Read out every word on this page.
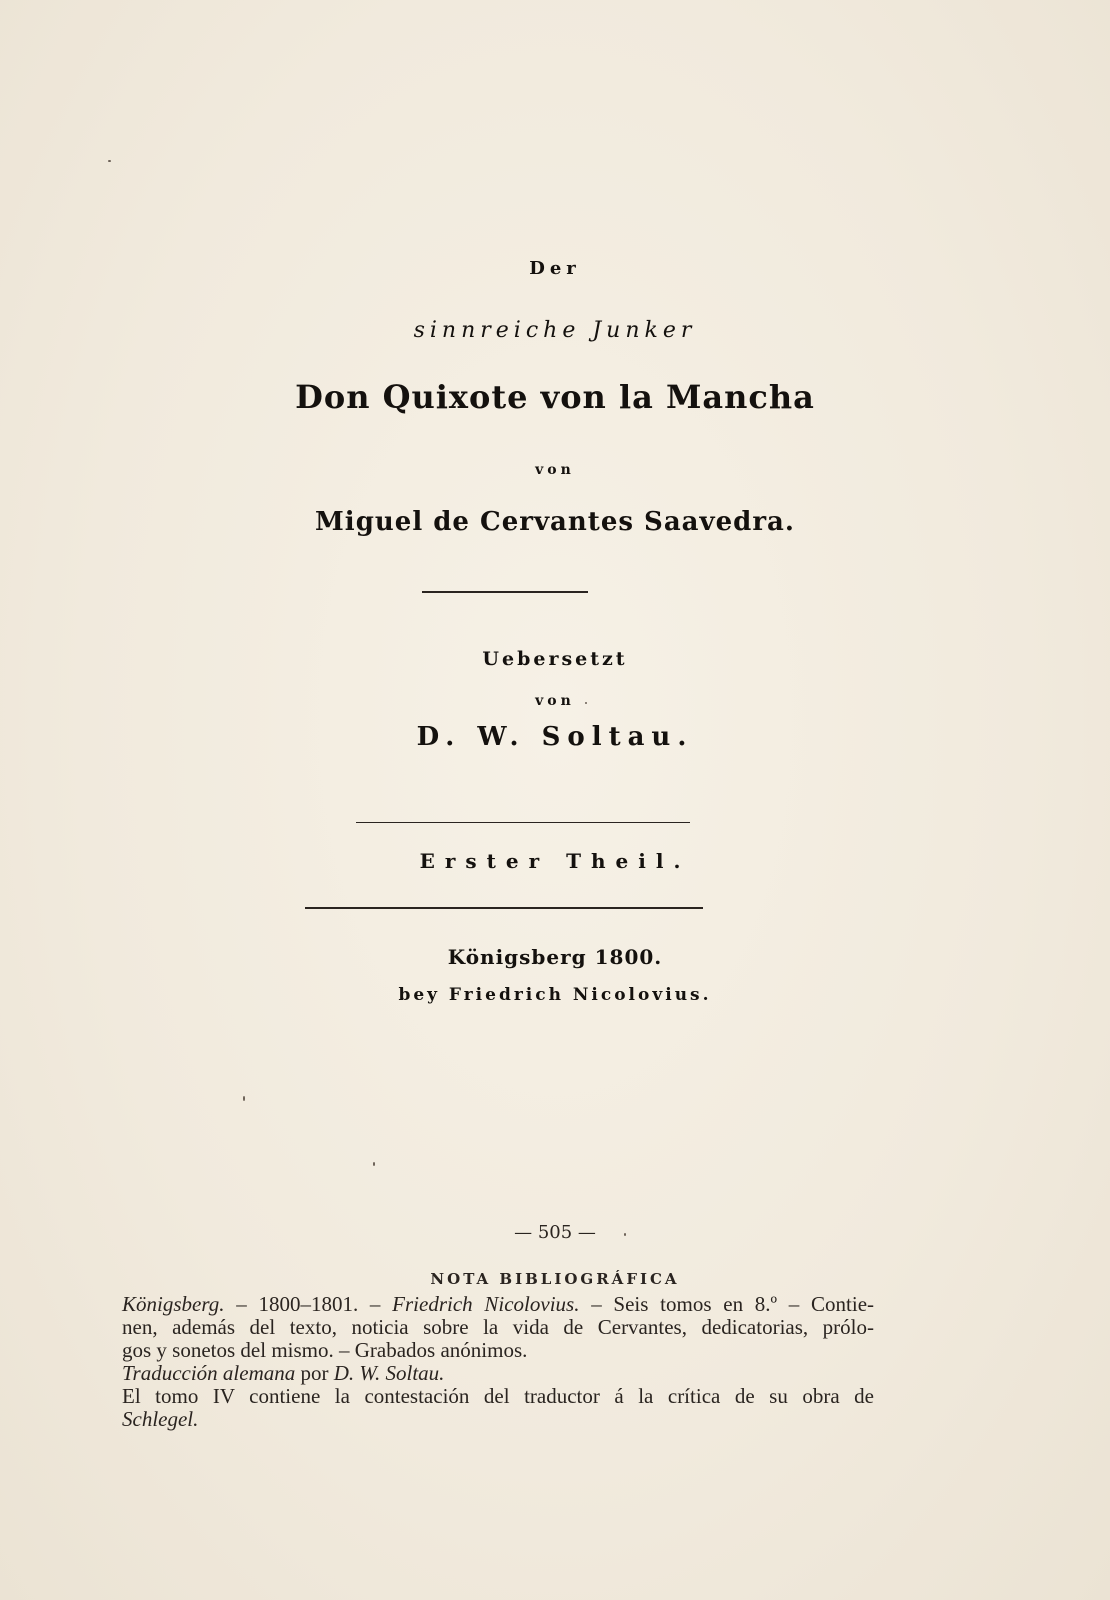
Der
sinnreiche Junker
Don Quixote von la Mancha
von
Miguel de Cervantes Saavedra.
Uebersetzt
von
D. W. Soltau.
Erster Theil.
Königsberg 1800.
bey Friedrich Nicolovius.
— 505 —
NOTA BIBLIOGRÁFICA
Königsberg. – 1800–1801. – Friedrich Nicolovius. – Seis tomos en 8.º – Contie-
nen, además del texto, noticia sobre la vida de Cervantes, dedicatorias, prólo-
gos y sonetos del mismo. – Grabados anónimos.
Traducción alemana por D. W. Soltau.
El tomo IV contiene la contestación del traductor á la crítica de su obra de
Schlegel.
